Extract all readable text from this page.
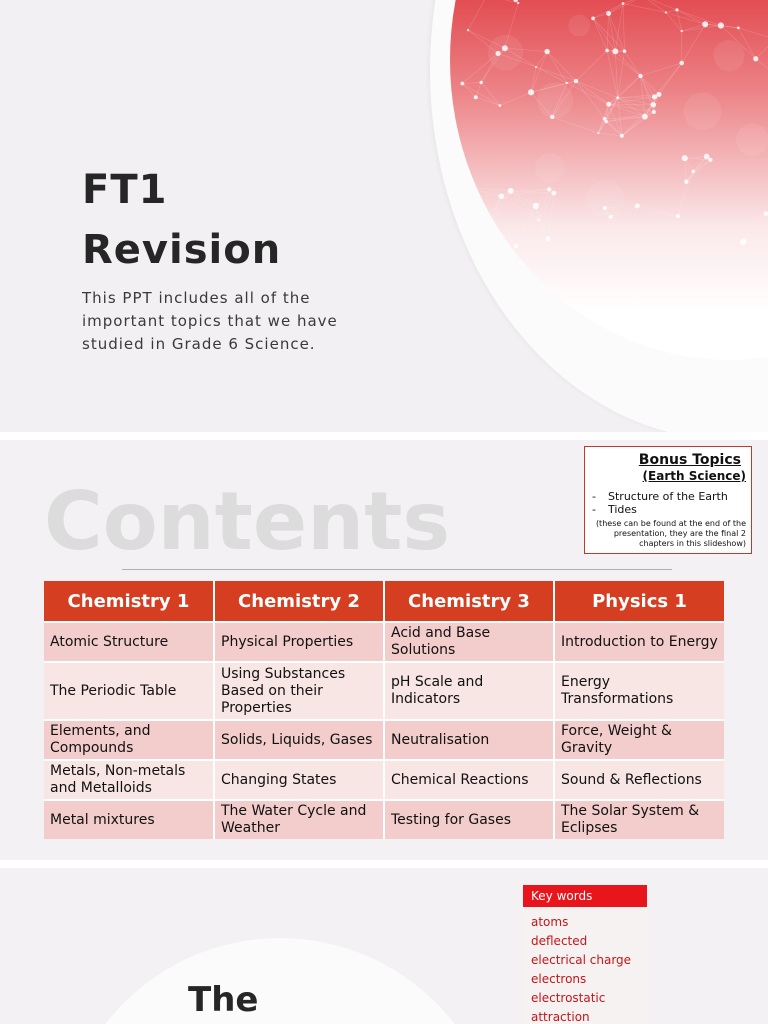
FT1
Revision

This PPT includes all of the important topics that we have studied in Grade 6 Science.

Contents
Bonus Topics
(Earth Science)
- Structure of the Earth
- Tides
(these can be found at the end of the presentation, they are the final 2 chapters in this slideshow)
Chemistry 1	Chemistry 2	Chemistry 3	Physics 1
Atomic Structure	Physical Properties	Acid and Base Solutions	Introduction to Energy
The Periodic Table	Using Substances Based on their Properties	pH Scale and Indicators	Energy Transformations
Elements, and Compounds	Solids, Liquids, Gases	Neutralisation	Force, Weight & Gravity
Metals, Non-metals and Metalloids	Changing States	Chemical Reactions	Sound & Reflections
Metal mixtures	The Water Cycle and Weather	Testing for Gases	The Solar System & Eclipses
The
Key words
atoms
deflected
electrical charge
electrons
electrostatic
attraction
